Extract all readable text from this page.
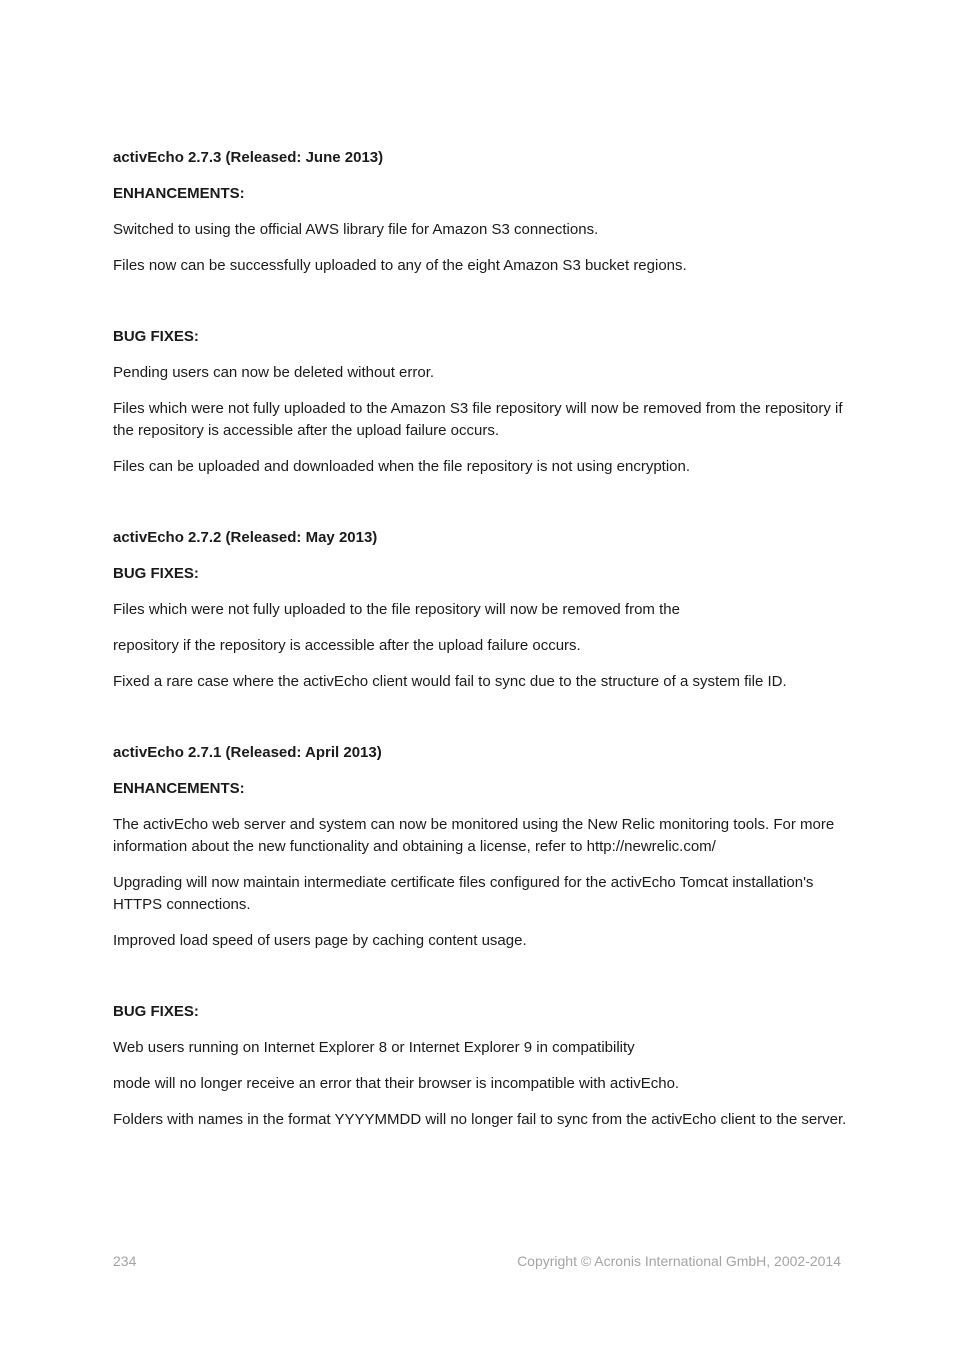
activEcho 2.7.3 (Released: June 2013)

ENHANCEMENTS:

Switched to using the official AWS library file for Amazon S3 connections.

Files now can be successfully uploaded to any of the eight Amazon S3 bucket regions.

BUG FIXES:

Pending users can now be deleted without error.

Files which were not fully uploaded to the Amazon S3 file repository will now be removed from the repository if the repository is accessible after the upload failure occurs.

Files can be uploaded and downloaded when the file repository is not using encryption.

activEcho 2.7.2 (Released: May 2013)

BUG FIXES:

Files which were not fully uploaded to the file repository will now be removed from the

repository if the repository is accessible after the upload failure occurs.

Fixed a rare case where the activEcho client would fail to sync due to the structure of a system file ID.

activEcho 2.7.1 (Released: April 2013)

ENHANCEMENTS:

The activEcho web server and system can now be monitored using the New Relic monitoring tools. For more information about the new functionality and obtaining a license, refer to http://newrelic.com/

Upgrading will now maintain intermediate certificate files configured for the activEcho Tomcat installation's HTTPS connections.

Improved load speed of users page by caching content usage.

BUG FIXES:

Web users running on Internet Explorer 8 or Internet Explorer 9 in compatibility

mode will no longer receive an error that their browser is incompatible with activEcho.

Folders with names in the format YYYYMMDD will no longer fail to sync from the activEcho client to the server.

234	Copyright © Acronis International GmbH, 2002-2014
